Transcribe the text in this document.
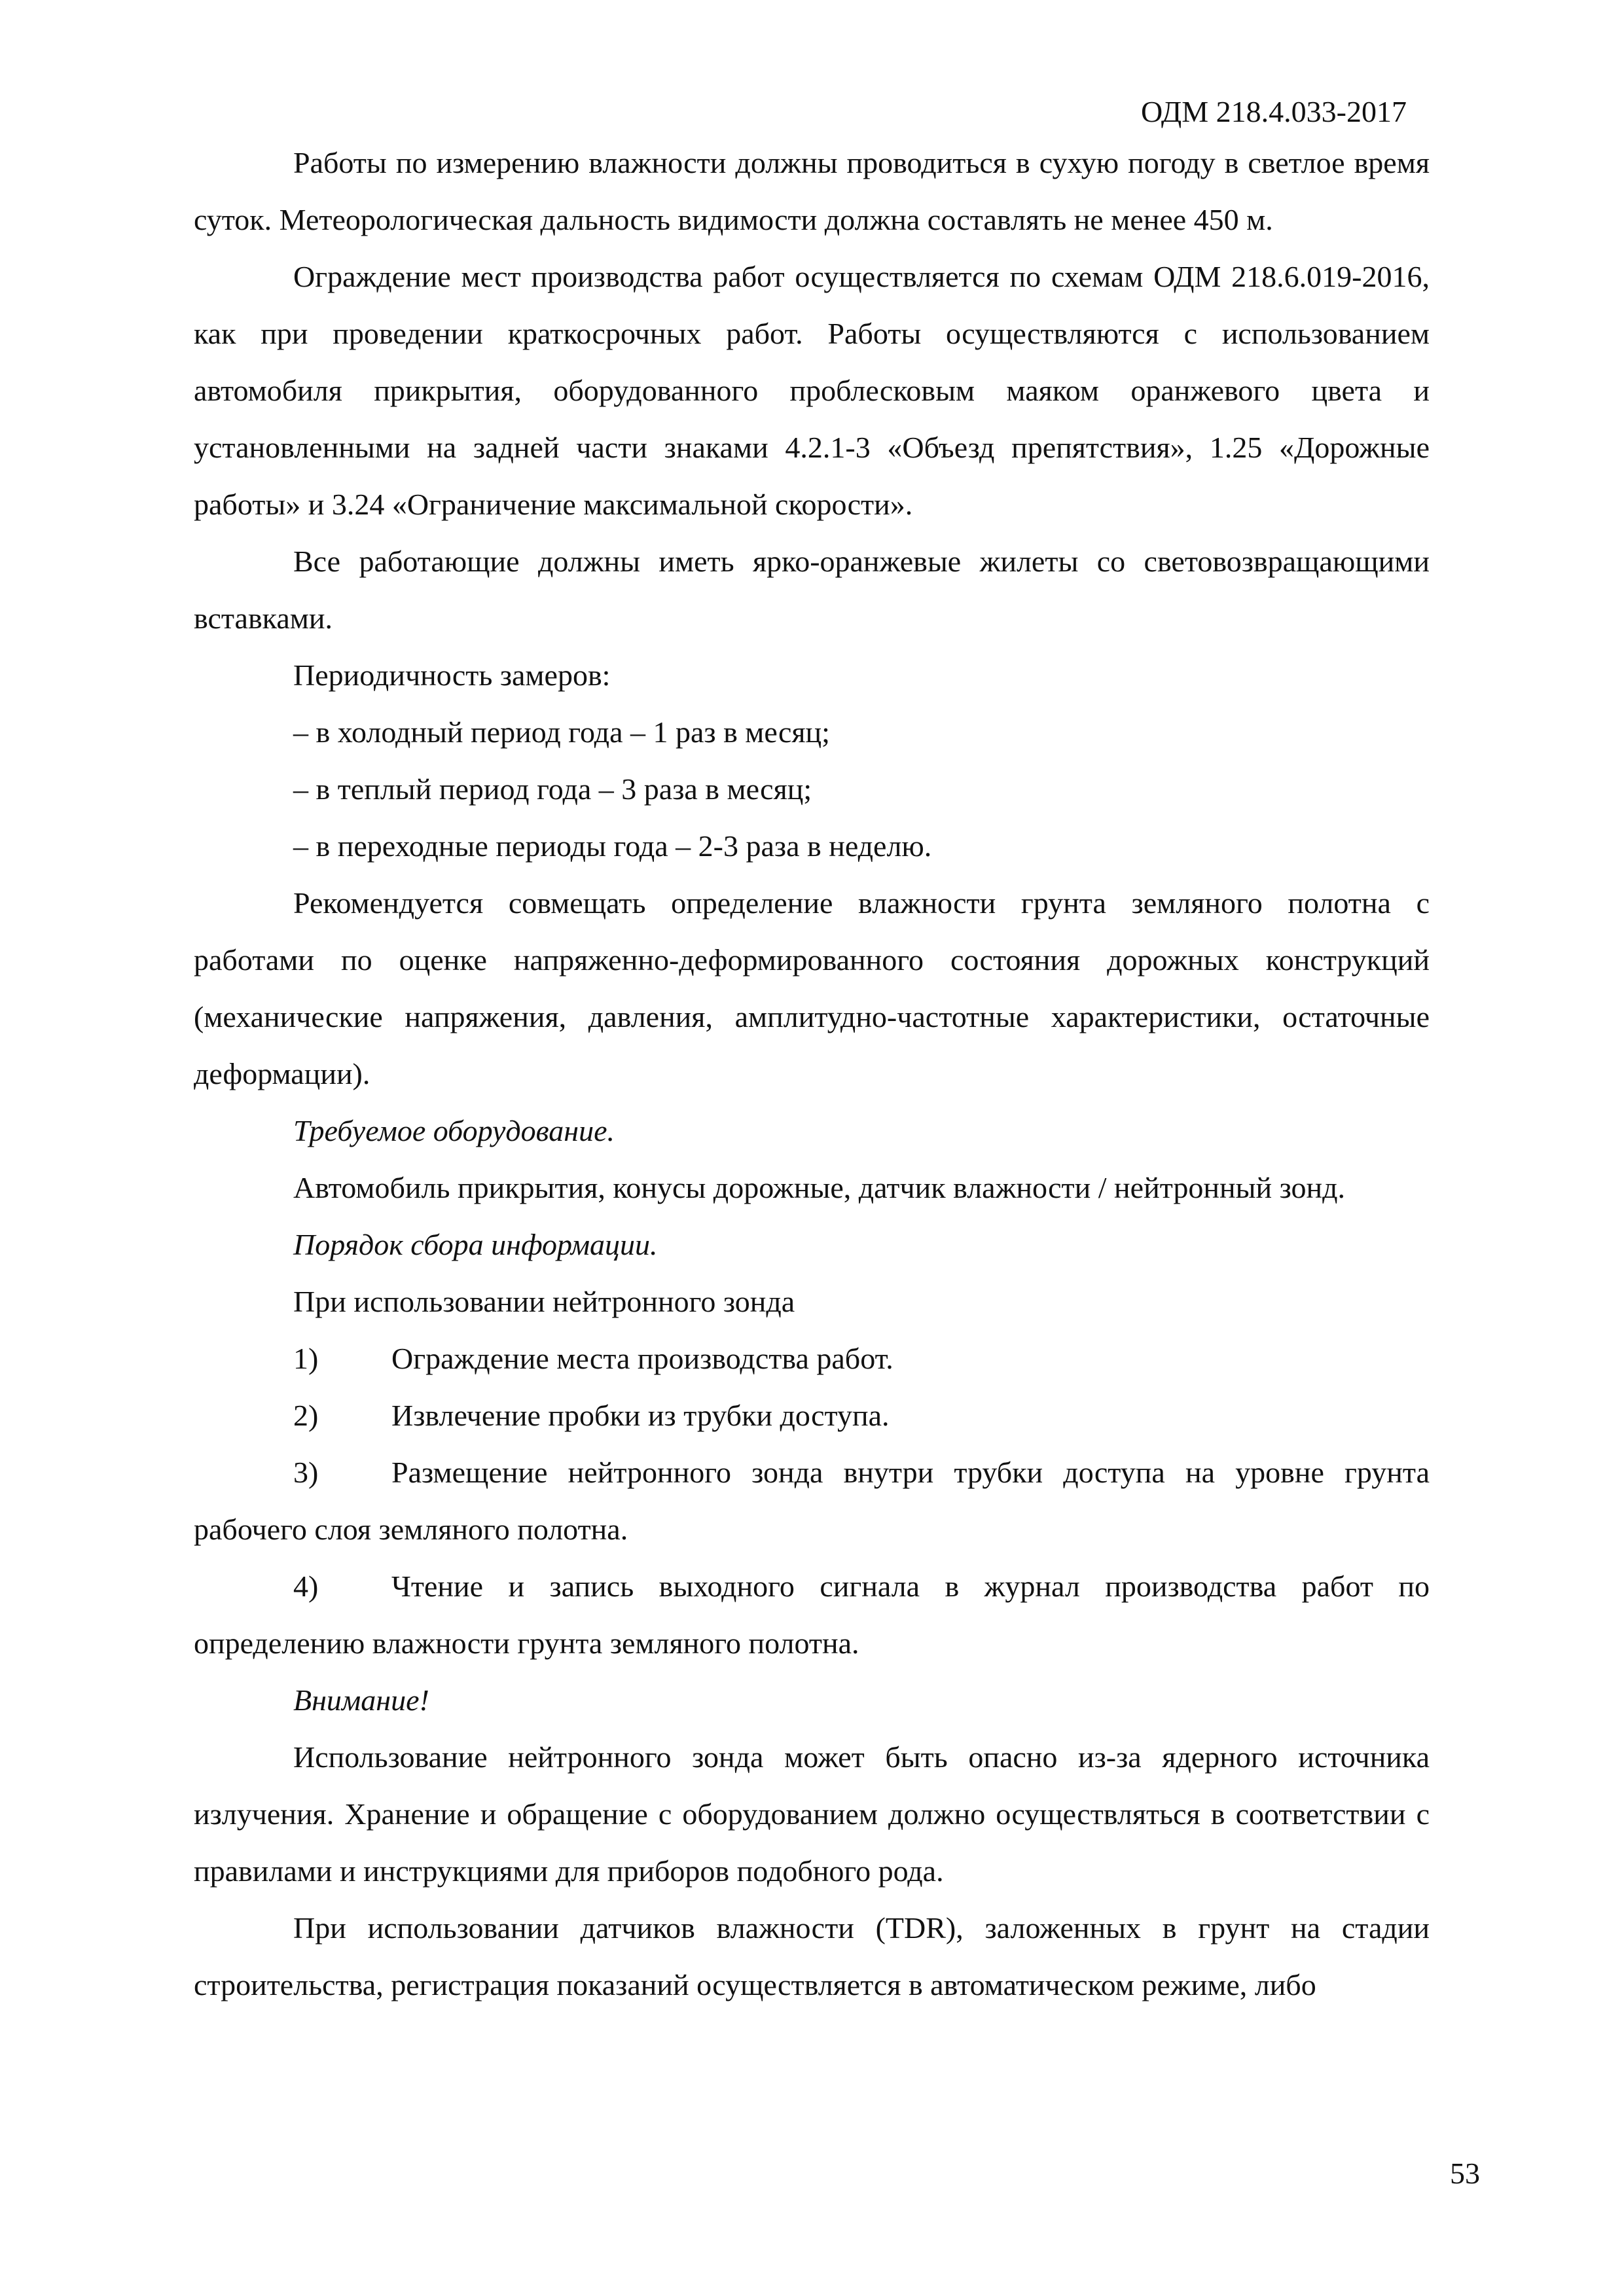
ОДМ 218.4.033-2017

Работы по измерению влажности должны проводиться в сухую погоду в светлое время суток. Метеорологическая дальность видимости должна составлять не менее 450 м.

Ограждение мест производства работ осуществляется по схемам ОДМ 218.6.019-2016, как при проведении краткосрочных работ. Работы осуществляются с использованием автомобиля прикрытия, оборудованного проблесковым маяком оранжевого цвета и установленными на задней части знаками 4.2.1-3 «Объезд препятствия», 1.25 «Дорожные работы» и 3.24 «Ограничение максимальной скорости».

Все работающие должны иметь ярко-оранжевые жилеты со световозвращающими вставками.

Периодичность замеров:

– в холодный период года – 1 раз в месяц;

– в теплый период года – 3 раза в месяц;

– в переходные периоды года – 2-3 раза в неделю.

Рекомендуется совмещать определение влажности грунта земляного полотна с работами по оценке напряженно-деформированного состояния дорожных конструкций (механические напряжения, давления, амплитудно-частотные характеристики, остаточные деформации).

Требуемое оборудование.

Автомобиль прикрытия, конусы дорожные, датчик влажности / нейтронный зонд.

Порядок сбора информации.

При использовании нейтронного зонда

1) Ограждение места производства работ.

2) Извлечение пробки из трубки доступа.

3) Размещение нейтронного зонда внутри трубки доступа на уровне грунта рабочего слоя земляного полотна.

4) Чтение и запись выходного сигнала в журнал производства работ по определению влажности грунта земляного полотна.

Внимание!

Использование нейтронного зонда может быть опасно из-за ядерного источника излучения. Хранение и обращение с оборудованием должно осуществляться в соответствии с правилами и инструкциями для приборов подобного рода.

При использовании датчиков влажности (TDR), заложенных в грунт на стадии строительства, регистрация показаний осуществляется в автоматическом режиме, либо

53
